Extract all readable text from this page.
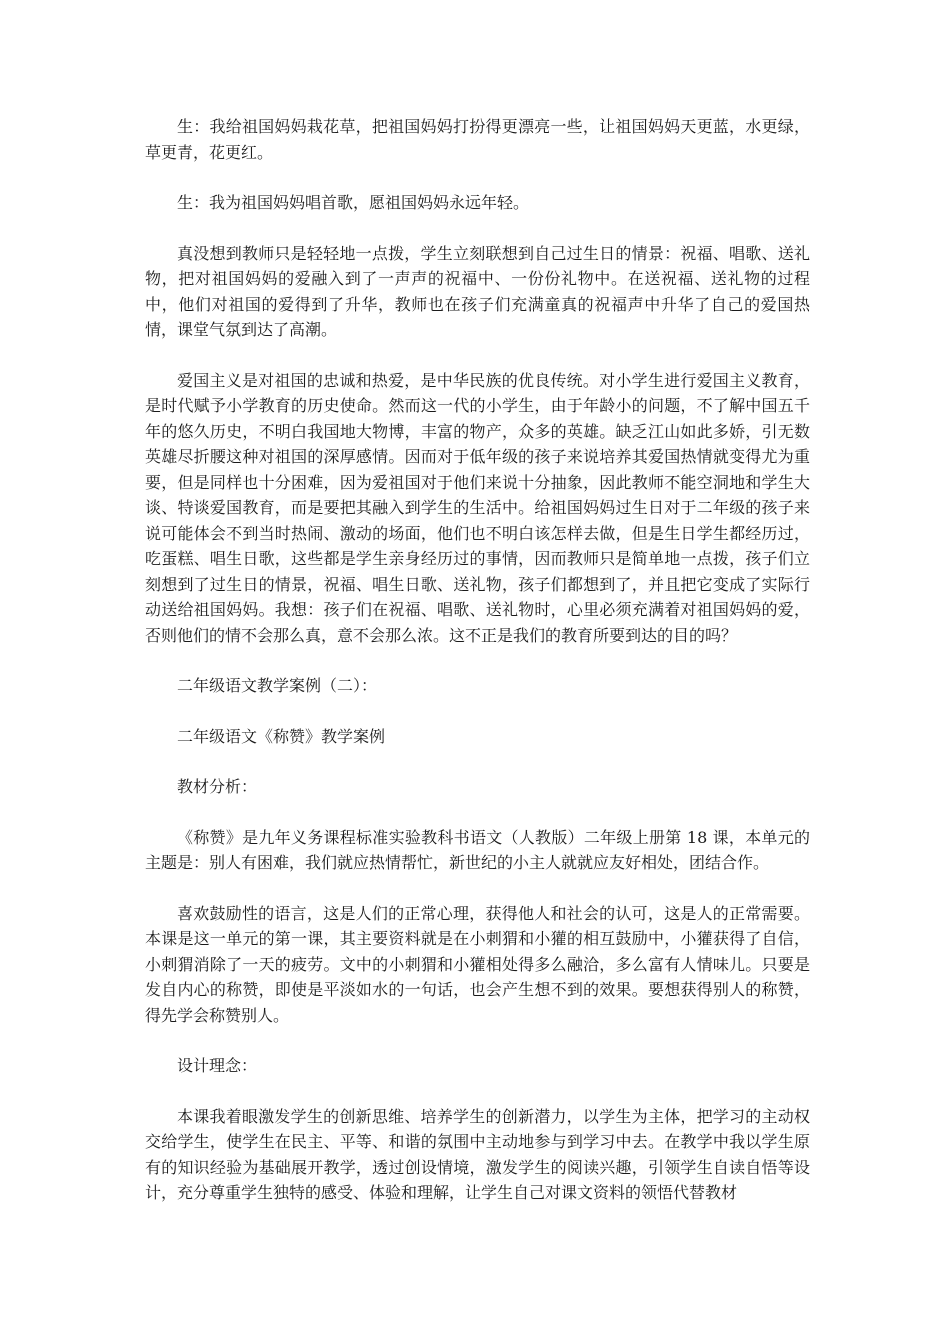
生：我给祖国妈妈栽花草，把祖国妈妈打扮得更漂亮一些，让祖国妈妈天更蓝，水更绿，草更青，花更红。

生：我为祖国妈妈唱首歌，愿祖国妈妈永远年轻。

真没想到教师只是轻轻地一点拨，学生立刻联想到自己过生日的情景：祝福、唱歌、送礼物，把对祖国妈妈的爱融入到了一声声的祝福中、一份份礼物中。在送祝福、送礼物的过程中，他们对祖国的爱得到了升华，教师也在孩子们充满童真的祝福声中升华了自己的爱国热情，课堂气氛到达了高潮。

爱国主义是对祖国的忠诚和热爱，是中华民族的优良传统。对小学生进行爱国主义教育，是时代赋予小学教育的历史使命。然而这一代的小学生，由于年龄小的问题，不了解中国五千年的悠久历史，不明白我国地大物博，丰富的物产，众多的英雄。缺乏江山如此多娇，引无数英雄尽折腰这种对祖国的深厚感情。因而对于低年级的孩子来说培养其爱国热情就变得尤为重要，但是同样也十分困难，因为爱祖国对于他们来说十分抽象，因此教师不能空洞地和学生大谈、特谈爱国教育，而是要把其融入到学生的生活中。给祖国妈妈过生日对于二年级的孩子来说可能体会不到当时热闹、激动的场面，他们也不明白该怎样去做，但是生日学生都经历过，吃蛋糕、唱生日歌，这些都是学生亲身经历过的事情，因而教师只是简单地一点拨，孩子们立刻想到了过生日的情景，祝福、唱生日歌、送礼物，孩子们都想到了，并且把它变成了实际行动送给祖国妈妈。我想：孩子们在祝福、唱歌、送礼物时，心里必须充满着对祖国妈妈的爱，否则他们的情不会那么真，意不会那么浓。这不正是我们的教育所要到达的目的吗？

二年级语文教学案例（二）：

二年级语文《称赞》教学案例

教材分析：

《称赞》是九年义务课程标准实验教科书语文（人教版）二年级上册第 18 课，本单元的主题是：别人有困难，我们就应热情帮忙，新世纪的小主人就就应友好相处，团结合作。

喜欢鼓励性的语言，这是人们的正常心理，获得他人和社会的认可，这是人的正常需要。本课是这一单元的第一课，其主要资料就是在小刺猬和小獾的相互鼓励中，小獾获得了自信，小刺猬消除了一天的疲劳。文中的小刺猬和小獾相处得多么融洽，多么富有人情味儿。只要是发自内心的称赞，即使是平淡如水的一句话，也会产生想不到的效果。要想获得别人的称赞，得先学会称赞别人。

设计理念：

本课我着眼激发学生的创新思维、培养学生的创新潜力，以学生为主体，把学习的主动权交给学生，使学生在民主、平等、和谐的氛围中主动地参与到学习中去。在教学中我以学生原有的知识经验为基础展开教学，透过创设情境，激发学生的阅读兴趣，引领学生自读自悟等设计，充分尊重学生独特的感受、体验和理解，让学生自己对课文资料的领悟代替教材
